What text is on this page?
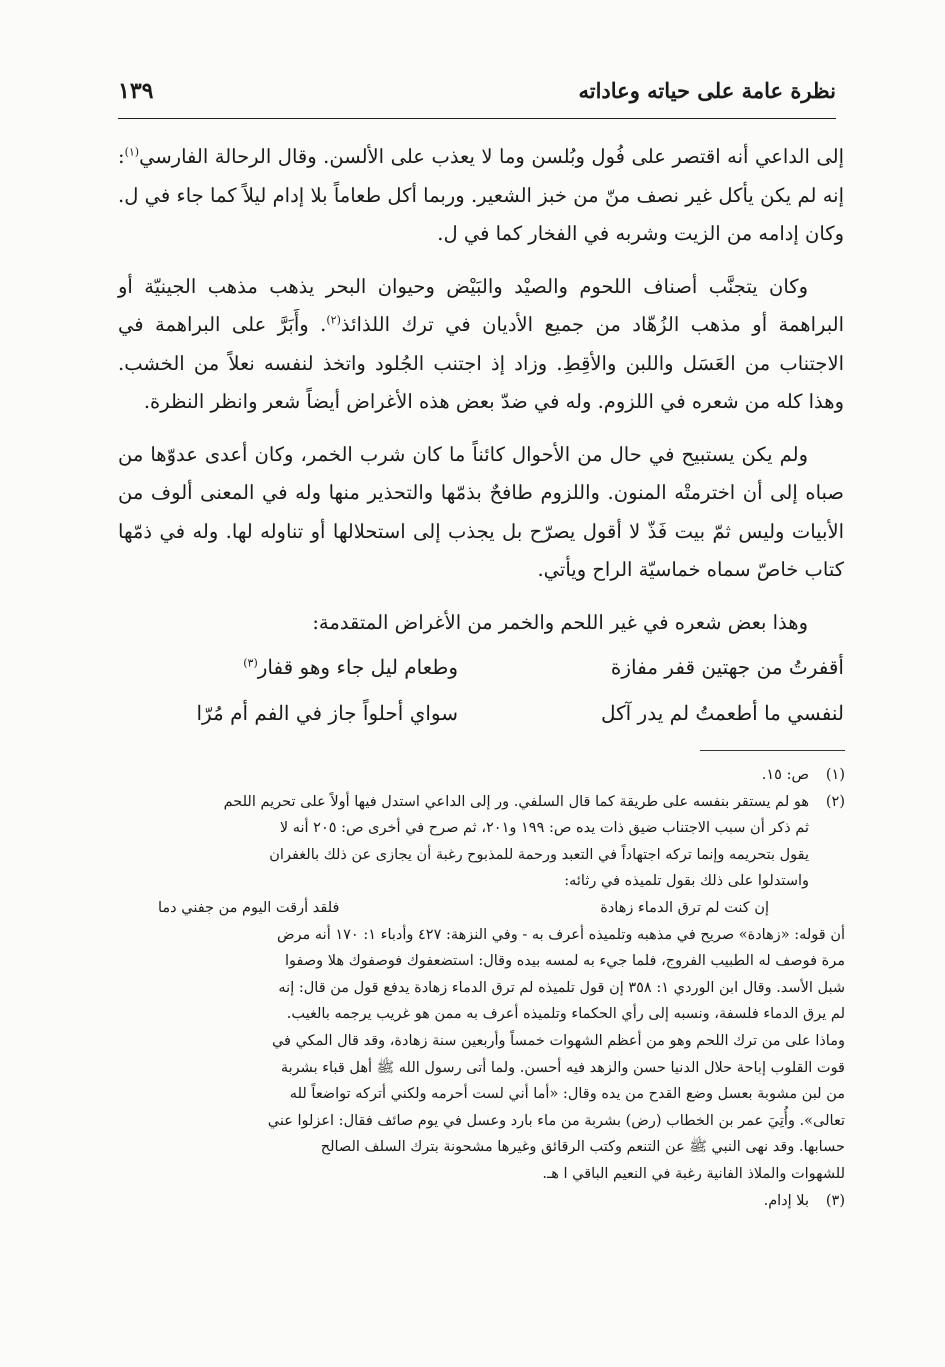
نظرة عامة على حياته وعاداته
١٣٩

إلى الداعي أنه اقتصر على فُول وبُلسن وما لا يعذب على الألسن. وقال الرحالة الفارسي$^{(١)}$: إنه لم يكن يأكل غير نصف منّ من خبز الشعير. وربما أكل طعاماً بلا إدام ليلاً كما جاء في ل. وكان إدامه من الزيت وشربه في الفخار كما في ل.

وكان يتجنَّب أصناف اللحوم والصيْد والبَيْض وحيوان البحر يذهب مذهب الجينيّة أو البراهمة أو مذهب الزُهّاد من جميع الأديان في ترك اللذائذ$^{(٢)}$. وأَبَرَّ على البراهمة في الاجتناب من العَسَل واللبن والأقِطِ. وزاد إذ اجتنب الجُلود واتخذ لنفسه نعلاً من الخشب. وهذا كله من شعره في اللزوم. وله في ضدّ بعض هذه الأغراض أيضاً شعر وانظر النظرة.

ولم يكن يستبيح في حال من الأحوال كائناً ما كان شرب الخمر، وكان أعدى عدوّها من صباه إلى أن اخترمتْه المنون. واللزوم طافحٌ بذمّها والتحذير منها وله في المعنى ألوف من الأبيات وليس ثمّ بيت فَذّ لا أقول يصرّح بل يجذب إلى استحلالها أو تناوله لها. وله في ذمّها كتاب خاصّ سماه خماسيّة الراح ويأتي.

وهذا بعض شعره في غير اللحم والخمر من الأغراض المتقدمة:

أقفرتُ من جهتين قفر مفازة
وطعام ليل جاء وهو قفار$^{(٣)}$
لنفسي ما أطعمتُ لم يدر آكل
سواي أحلواً جاز في الفم أم مُرّا
(١)
ص: ١٥.
(٢)
هو لم يستقر بنفسه على طريقة كما قال السلفي. ور إلى الداعي استدل فيها أولاً على تحريم اللحم
ثم ذكر أن سبب الاجتناب ضيق ذات يده ص: ١٩٩ و٢٠١، ثم صرح في أخرى ص: ٢٠٥ أنه لا
يقول بتحريمه وإنما تركه اجتهاداً في التعبد ورحمة للمذبوح رغبة أن يجازى عن ذلك بالغفران
واستدلوا على ذلك بقول تلميذه في رثائه:
إن كنت لم ترق الدماء زهادة
فلقد أرقت اليوم من جفني دما
أن قوله: «زهادة» صريح في مذهبه وتلميذه أعرف به - وفي النزهة: ٤٢٧ وأدباء ١: ١٧٠ أنه مرض
مرة فوصف له الطبيب الفروج، فلما جيء به لمسه بيده وقال: استضعفوك فوصفوك هلا وصفوا
شبل الأسد. وقال ابن الوردي ١: ٣٥٨ إن قول تلميذه لم ترق الدماء زهادة يدفع قول من قال: إنه
لم يرق الدماء فلسفة، ونسبه إلى رأي الحكماء وتلميذه أعرف به ممن هو غريب يرجمه بالغيب.
وماذا على من ترك اللحم وهو من أعظم الشهوات خمساً وأربعين سنة زهادة، وقد قال المكي في
قوت القلوب إباحة حلال الدنيا حسن والزهد فيه أحسن. ولما أتى رسول الله ﷺ أهل قباء بشربة
من لبن مشوبة بعسل وضع القدح من يده وقال: «أما أني لست أحرمه ولكني أتركه تواضعاً لله
تعالى». وأُتِيَ عمر بن الخطاب (رض) بشربة من ماء بارد وعسل في يوم صائف فقال: اعزلوا عني
حسابها. وقد نهى النبي ﷺ عن التنعم وكتب الرقائق وغيرها مشحونة بترك السلف الصالح
للشهوات والملاذ الفانية رغبة في النعيم الباقي ا هـ.
(٣)
بلا إدام.
